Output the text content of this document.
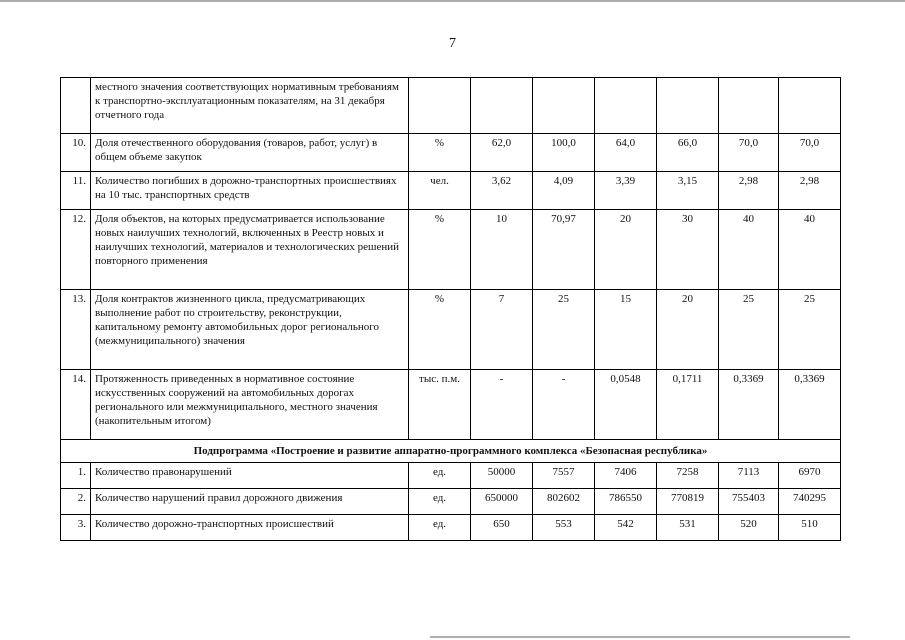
7
	местного значения соответствующих нормативным требованиям к транспортно-эксплуатационным показателям, на 31 декабря отчетного года							
10.	Доля отечественного оборудования (товаров, работ, услуг) в общем объеме закупок	%	62,0	100,0	64,0	66,0	70,0	70,0
11.	Количество погибших в дорожно-транспортных происшествиях на 10 тыс. транспортных средств	чел.	3,62	4,09	3,39	3,15	2,98	2,98
12.	Доля объектов, на которых предусматривается использование новых наилучших технологий, включенных в Реестр новых и наилучших технологий, материалов и технологических решений повторного применения	%	10	70,97	20	30	40	40
13.	Доля контрактов жизненного цикла, предусматривающих выполнение работ по строительству, реконструкции, капитальному ремонту автомобильных дорог регионального (межмуниципального) значения	%	7	25	15	20	25	25
14.	Протяженность приведенных в нормативное состояние искусственных сооружений на автомобильных дорогах регионального или межмуниципального, местного значения (накопительным итогом)	тыс. п.м.	-	-	0,0548	0,1711	0,3369	0,3369
Подпрограмма «Построение и развитие аппаратно-программного комплекса «Безопасная республика»								
1.	Количество правонарушений	ед.	50000	7557	7406	7258	7113	6970
2.	Количество нарушений правил дорожного движения	ед.	650000	802602	786550	770819	755403	740295
3.	Количество дорожно-транспортных происшествий	ед.	650	553	542	531	520	510
